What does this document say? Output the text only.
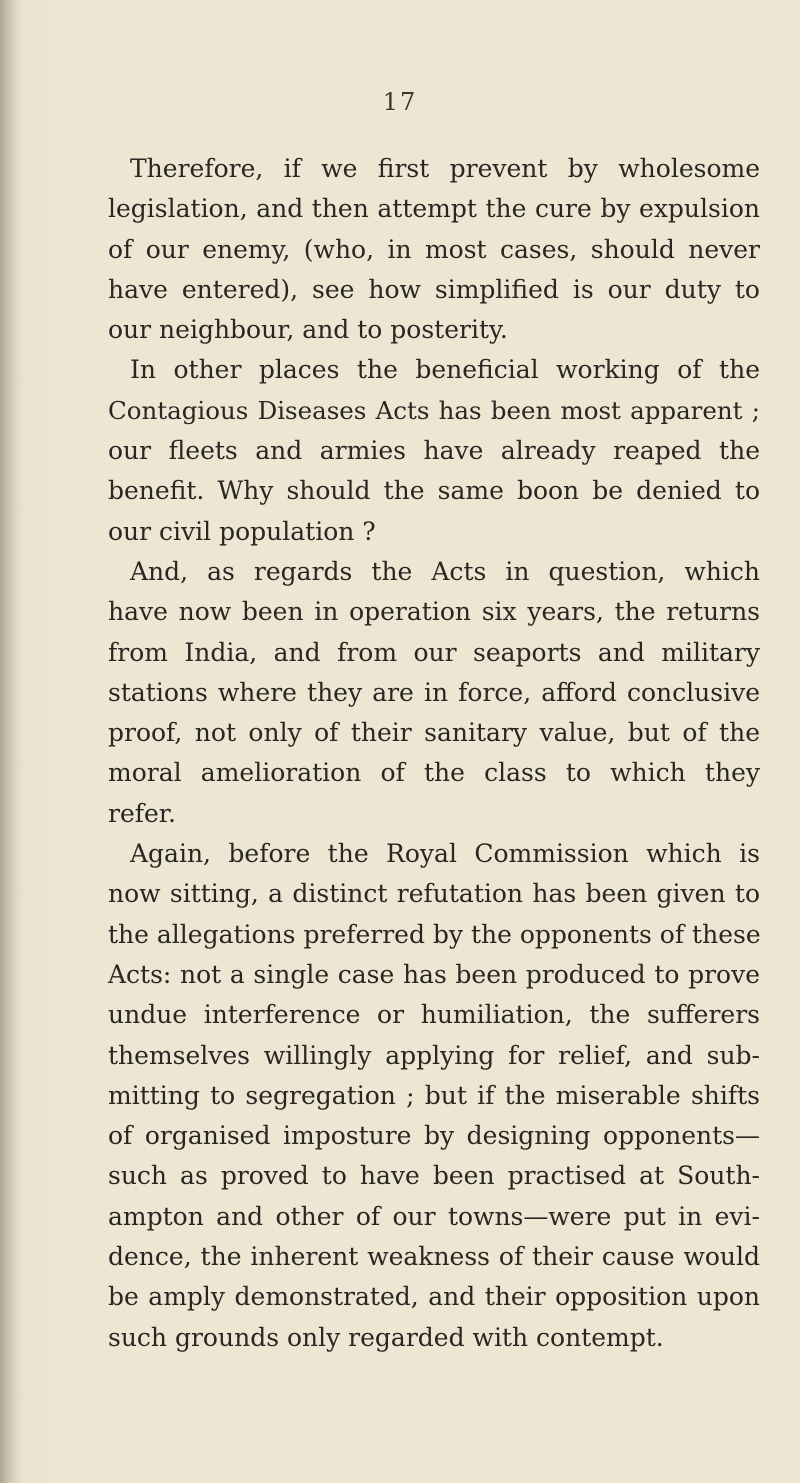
17
Therefore, if we first prevent by wholesome
legislation, and then attempt the cure by expulsion
of our enemy, (who, in most cases, should never
have entered), see how simplified is our duty to
our neighbour, and to posterity.
In other places the beneficial working of the
Contagious Diseases Acts has been most apparent ;
our fleets and armies have already reaped the
benefit. Why should the same boon be denied to
our civil population ?
And, as regards the Acts in question, which
have now been in operation six years, the returns
from India, and from our seaports and military
stations where they are in force, afford conclusive
proof, not only of their sanitary value, but of the
moral amelioration of the class to which they
refer.
Again, before the Royal Commission which is
now sitting, a distinct refutation has been given to
the allegations preferred by the opponents of these
Acts: not a single case has been produced to prove
undue interference or humiliation, the sufferers
themselves willingly applying for relief, and sub-
mitting to segregation ; but if the miserable shifts
of organised imposture by designing opponents—
such as proved to have been practised at South-
ampton and other of our towns—were put in evi-
dence, the inherent weakness of their cause would
be amply demonstrated, and their opposition upon
such grounds only regarded with contempt.
